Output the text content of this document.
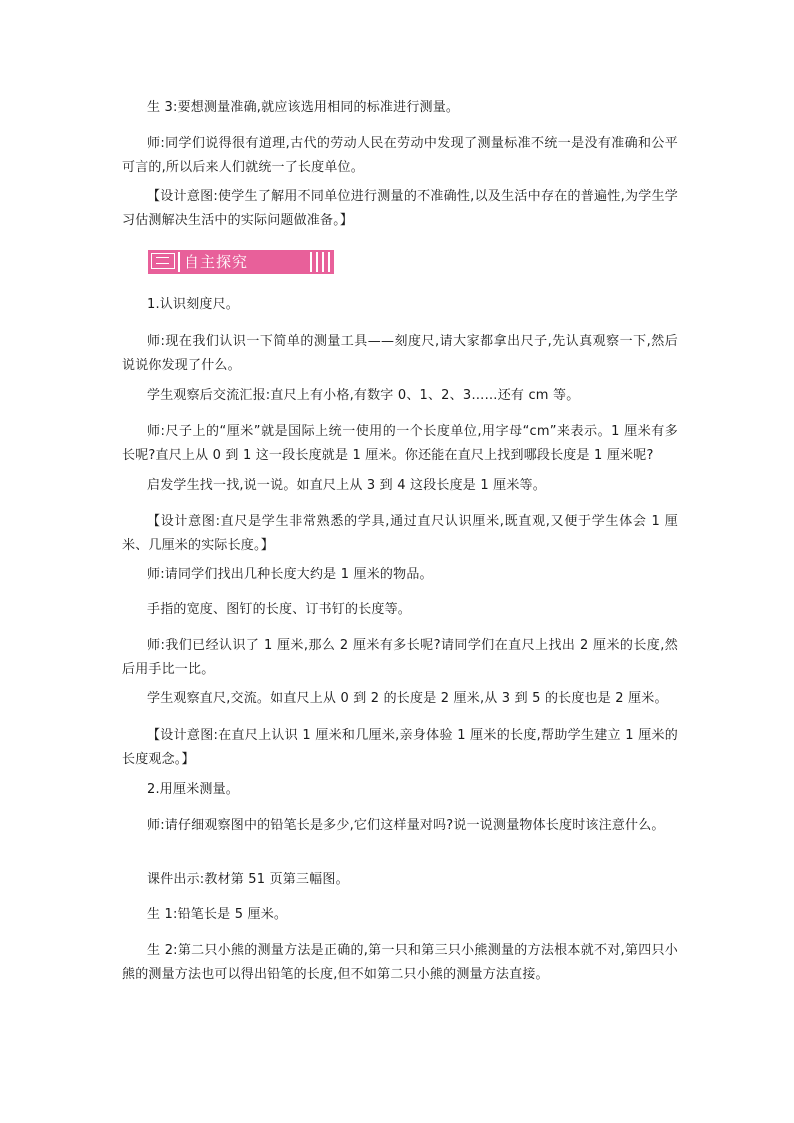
生 3:要想测量准确,就应该选用相同的标准进行测量。

师:同学们说得很有道理,古代的劳动人民在劳动中发现了测量标准不统一是没有准确和公平可言的,所以后来人们就统一了长度单位。

【设计意图:使学生了解用不同单位进行测量的不准确性,以及生活中存在的普遍性,为学生学习估测解决生活中的实际问题做准备。】

自主探究

1.认识刻度尺。

师:现在我们认识一下简单的测量工具——刻度尺,请大家都拿出尺子,先认真观察一下,然后说说你发现了什么。

学生观察后交流汇报:直尺上有小格,有数字 0、1、2、3……还有 cm 等。

师:尺子上的“厘米”就是国际上统一使用的一个长度单位,用字母“cm”来表示。1 厘米有多长呢?直尺上从 0 到 1 这一段长度就是 1 厘米。你还能在直尺上找到哪段长度是 1 厘米呢?

启发学生找一找,说一说。如直尺上从 3 到 4 这段长度是 1 厘米等。

【设计意图:直尺是学生非常熟悉的学具,通过直尺认识厘米,既直观,又便于学生体会 1 厘米、几厘米的实际长度。】

师:请同学们找出几种长度大约是 1 厘米的物品。

手指的宽度、图钉的长度、订书钉的长度等。

师:我们已经认识了 1 厘米,那么 2 厘米有多长呢?请同学们在直尺上找出 2 厘米的长度,然后用手比一比。

学生观察直尺,交流。如直尺上从 0 到 2 的长度是 2 厘米,从 3 到 5 的长度也是 2 厘米。

【设计意图:在直尺上认识 1 厘米和几厘米,亲身体验 1 厘米的长度,帮助学生建立 1 厘米的长度观念。】

2.用厘米测量。

师:请仔细观察图中的铅笔长是多少,它们这样量对吗?说一说测量物体长度时该注意什么。

课件出示:教材第 51 页第三幅图。

生 1:铅笔长是 5 厘米。

生 2:第二只小熊的测量方法是正确的,第一只和第三只小熊测量的方法根本就不对,第四只小熊的测量方法也可以得出铅笔的长度,但不如第二只小熊的测量方法直接。
